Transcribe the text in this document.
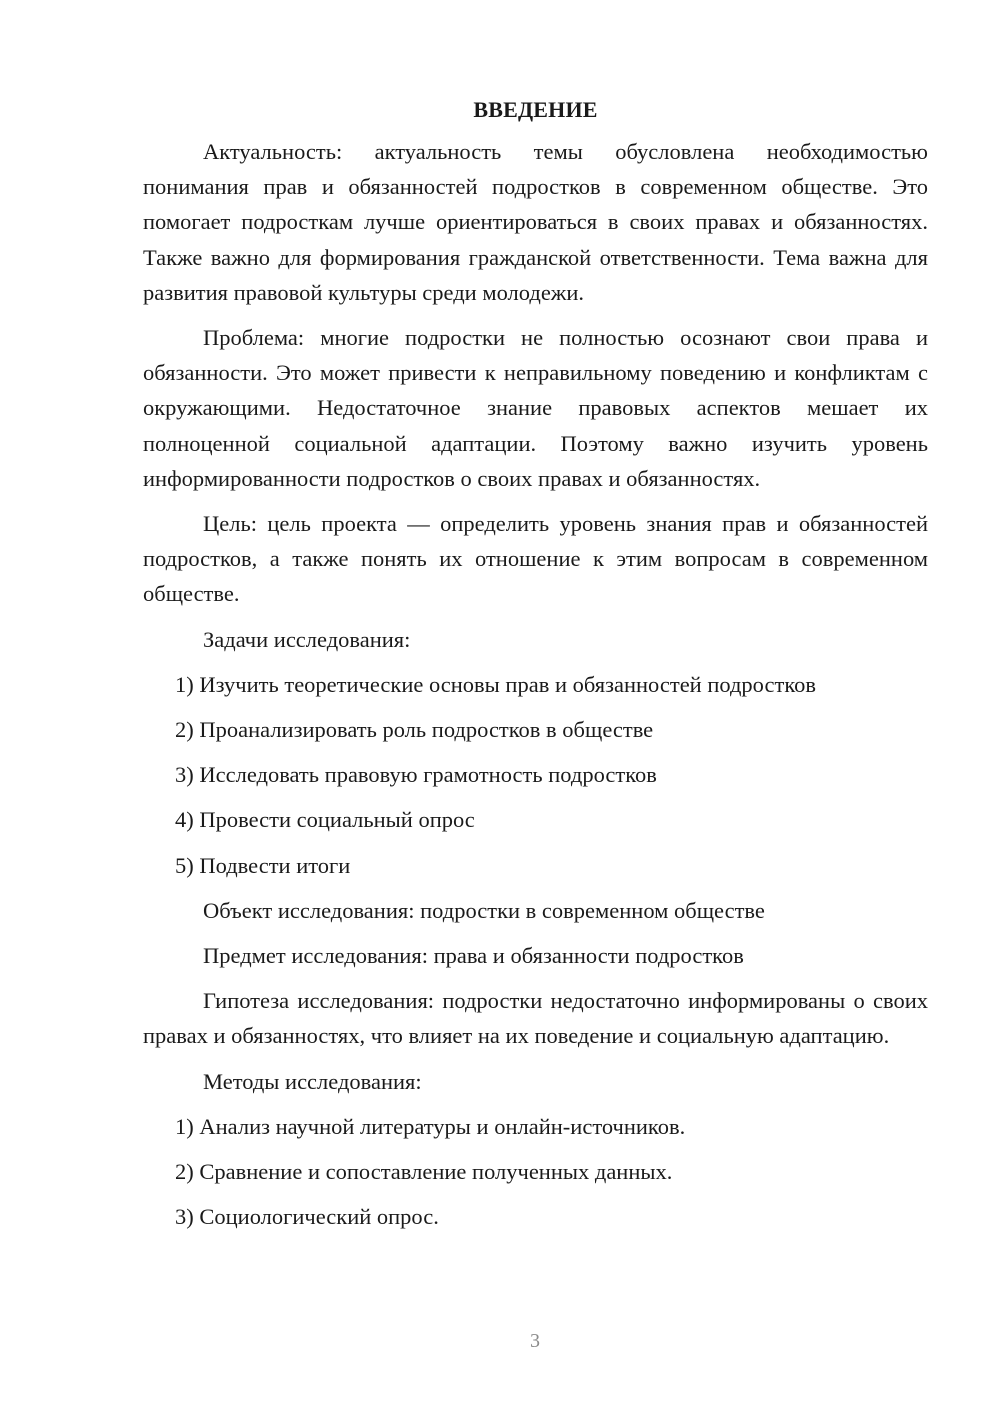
ВВЕДЕНИЕ

Актуальность: актуальность темы обусловлена необходимостью понимания прав и обязанностей подростков в современном обществе. Это помогает подросткам лучше ориентироваться в своих правах и обязанностях. Также важно для формирования гражданской ответственности. Тема важна для развития правовой культуры среди молодежи.

Проблема: многие подростки не полностью осознают свои права и обязанности. Это может привести к неправильному поведению и конфликтам с окружающими. Недостаточное знание правовых аспектов мешает их полноценной социальной адаптации. Поэтому важно изучить уровень информированности подростков о своих правах и обязанностях.

Цель: цель проекта — определить уровень знания прав и обязанностей подростков, а также понять их отношение к этим вопросам в современном обществе.

Задачи исследования:
1) Изучить теоретические основы прав и обязанностей подростков
2) Проанализировать роль подростков в обществе
3) Исследовать правовую грамотность подростков
4) Провести социальный опрос
5) Подвести итоги
Объект исследования: подростки в современном обществе
Предмет исследования: права и обязанности подростков

Гипотеза исследования: подростки недостаточно информированы о своих правах и обязанностях, что влияет на их поведение и социальную адаптацию.

Методы исследования:
1) Анализ научной литературы и онлайн-источников.
2) Сравнение и сопоставление полученных данных.
3) Социологический опрос.
3
